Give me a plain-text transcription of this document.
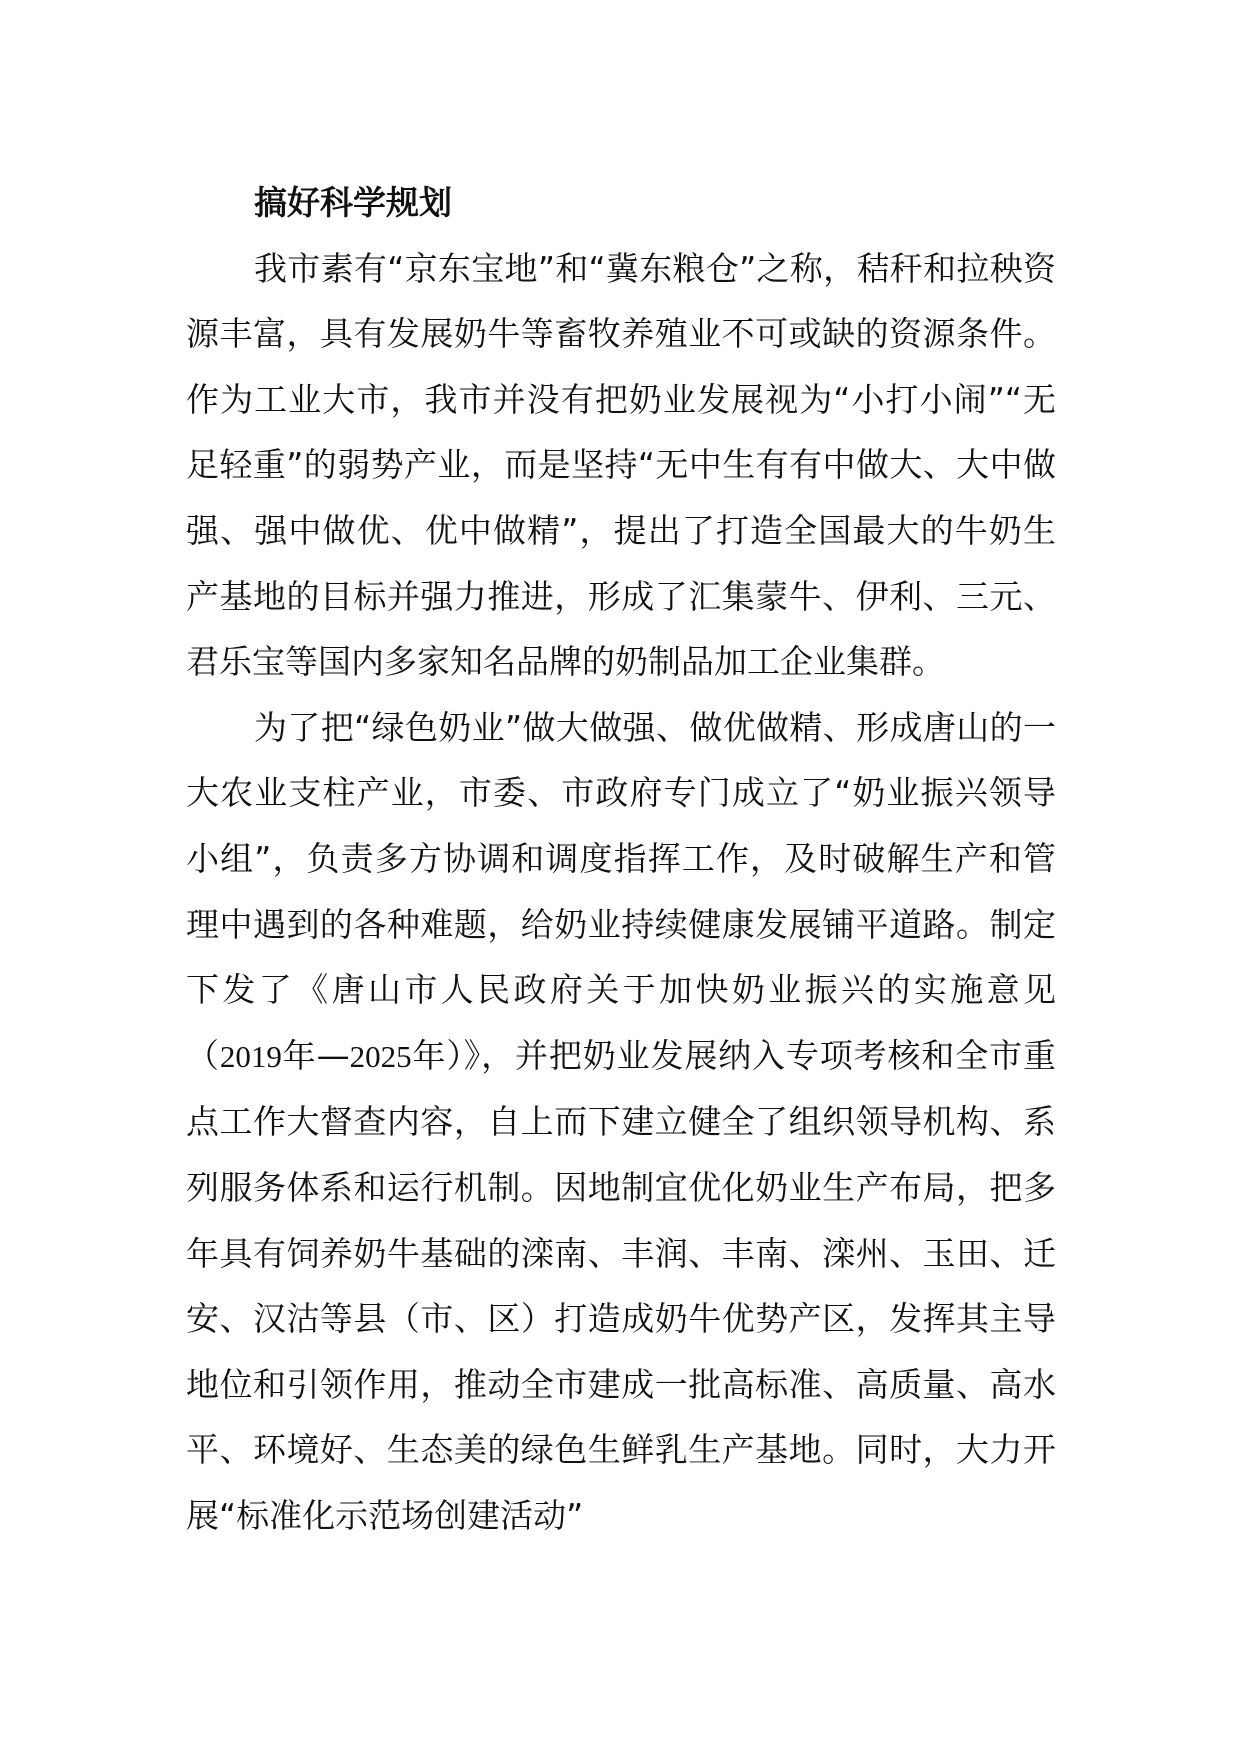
搞好科学规划

我市素有“京东宝地”和“冀东粮仓”之称，秸秆和拉秧资源丰富，具有发展奶牛等畜牧养殖业不可或缺的资源条件。作为工业大市，我市并没有把奶业发展视为“小打小闹”“无足轻重”的弱势产业，而是坚持“无中生有有中做大、大中做强、强中做优、优中做精”，提出了打造全国最大的牛奶生产基地的目标并强力推进，形成了汇集蒙牛、伊利、三元、君乐宝等国内多家知名品牌的奶制品加工企业集群。

为了把“绿色奶业”做大做强、做优做精、形成唐山的一大农业支柱产业，市委、市政府专门成立了“奶业振兴领导小组”，负责多方协调和调度指挥工作，及时破解生产和管理中遇到的各种难题，给奶业持续健康发展铺平道路。制定下发了《唐山市人民政府关于加快奶业振兴的实施意见（2019年—2025年）》，并把奶业发展纳入专项考核和全市重点工作大督查内容，自上而下建立健全了组织领导机构、系列服务体系和运行机制。因地制宜优化奶业生产布局，把多年具有饲养奶牛基础的滦南、丰润、丰南、滦州、玉田、迁安、汉沽等县（市、区）打造成奶牛优势产区，发挥其主导地位和引领作用，推动全市建成一批高标准、高质量、高水平、环境好、生态美的绿色生鲜乳生产基地。同时，大力开展“标准化示范场创建活动”
